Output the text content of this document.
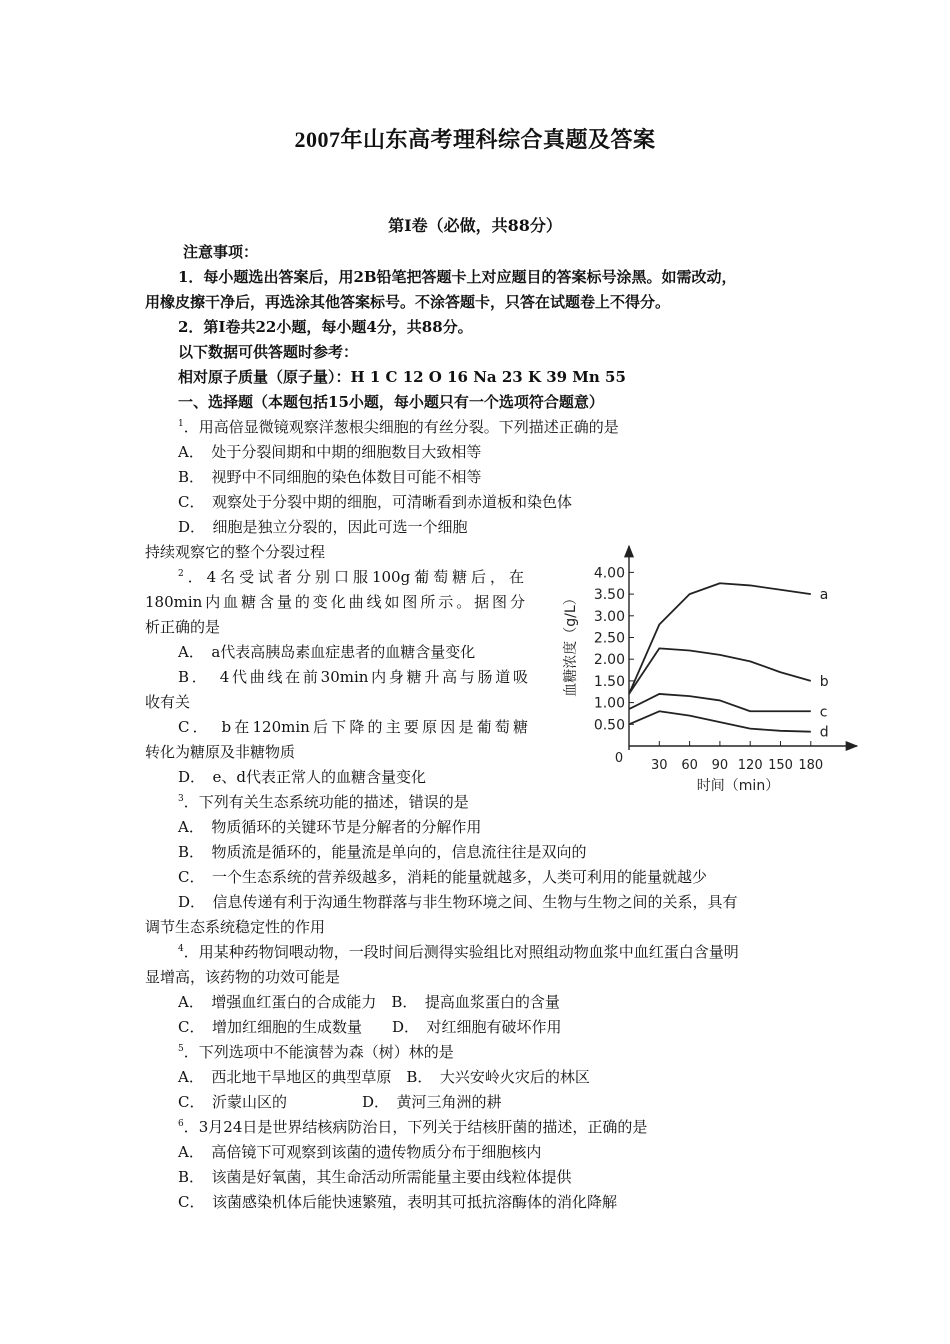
2007年山东高考理科综合真题及答案
第Ⅰ卷（必做，共88分）
注意事项：
1．每小题选出答案后，用2B铅笔把答题卡上对应题目的答案标号涂黑。如需改动，
用橡皮擦干净后，再选涂其他答案标号。不涂答题卡，只答在试题卷上不得分。
2．第Ⅰ卷共22小题，每小题4分，共88分。
以下数据可供答题时参考：
相对原子质量（原子量）：H 1 C 12 O 16 Na 23 K 39 Mn 55
一、选择题（本题包括15小题，每小题只有一个选项符合题意）
$^1$．用高倍显微镜观察洋葱根尖细胞的有丝分裂。下列描述正确的是
A．　处于分裂间期和中期的细胞数目大致相等
B．　视野中不同细胞的染色体数目可能不相等
C．　观察处于分裂中期的细胞，可清晰看到赤道板和染色体
D．　细胞是独立分裂的，因此可选一个细胞
持续观察它的整个分裂过程
$^2$．4名受试者分别口服100g葡萄糖后，在
180min内血糖含量的变化曲线如图所示。据图分
析正确的是
A．　a代表高胰岛素血症患者的血糖含量变化
B．　4代曲线在前30min内身糖升高与肠道吸
收有关
C．　b在120min后下降的主要原因是葡萄糖
转化为糖原及非糖物质
D．　e、d代表正常人的血糖含量变化
0.50
1.00
1.50
2.00
2.50
3.00
3.50
4.00
30 60 90 120 150 180
a
b
c
d
0
时间（min）
血糖浓度（g/L）
$^3$．下列有关生态系统功能的描述，错误的是
A．　物质循环的关键环节是分解者的分解作用
B．　物质流是循环的，能量流是单向的，信息流往往是双向的
C．　一个生态系统的营养级越多，消耗的能量就越多，人类可利用的能量就越少
D．　信息传递有利于沟通生物群落与非生物环境之间、生物与生物之间的关系，具有
调节生态系统稳定性的作用
$^4$．用某种药物饲喂动物，一段时间后测得实验组比对照组动物血浆中血红蛋白含量明
显增高，该药物的功效可能是
A．　增强血红蛋白的合成能力　B．　提高血浆蛋白的含量
C．　增加红细胞的生成数量　　D．　对红细胞有破坏作用
$^5$．下列选项中不能演替为森（树）林的是
A．　西北地干旱地区的典型草原　B．　大兴安岭火灾后的林区
C．　沂蒙山区的　　　　　D．　黄河三角洲的耕
$^6$．3月24日是世界结核病防治日，下列关于结核肝菌的描述，正确的是
A．　高倍镜下可观察到该菌的遗传物质分布于细胞核内
B．　该菌是好氧菌，其生命活动所需能量主要由线粒体提供
C．　该菌感染机体后能快速繁殖，表明其可抵抗溶酶体的消化降解
